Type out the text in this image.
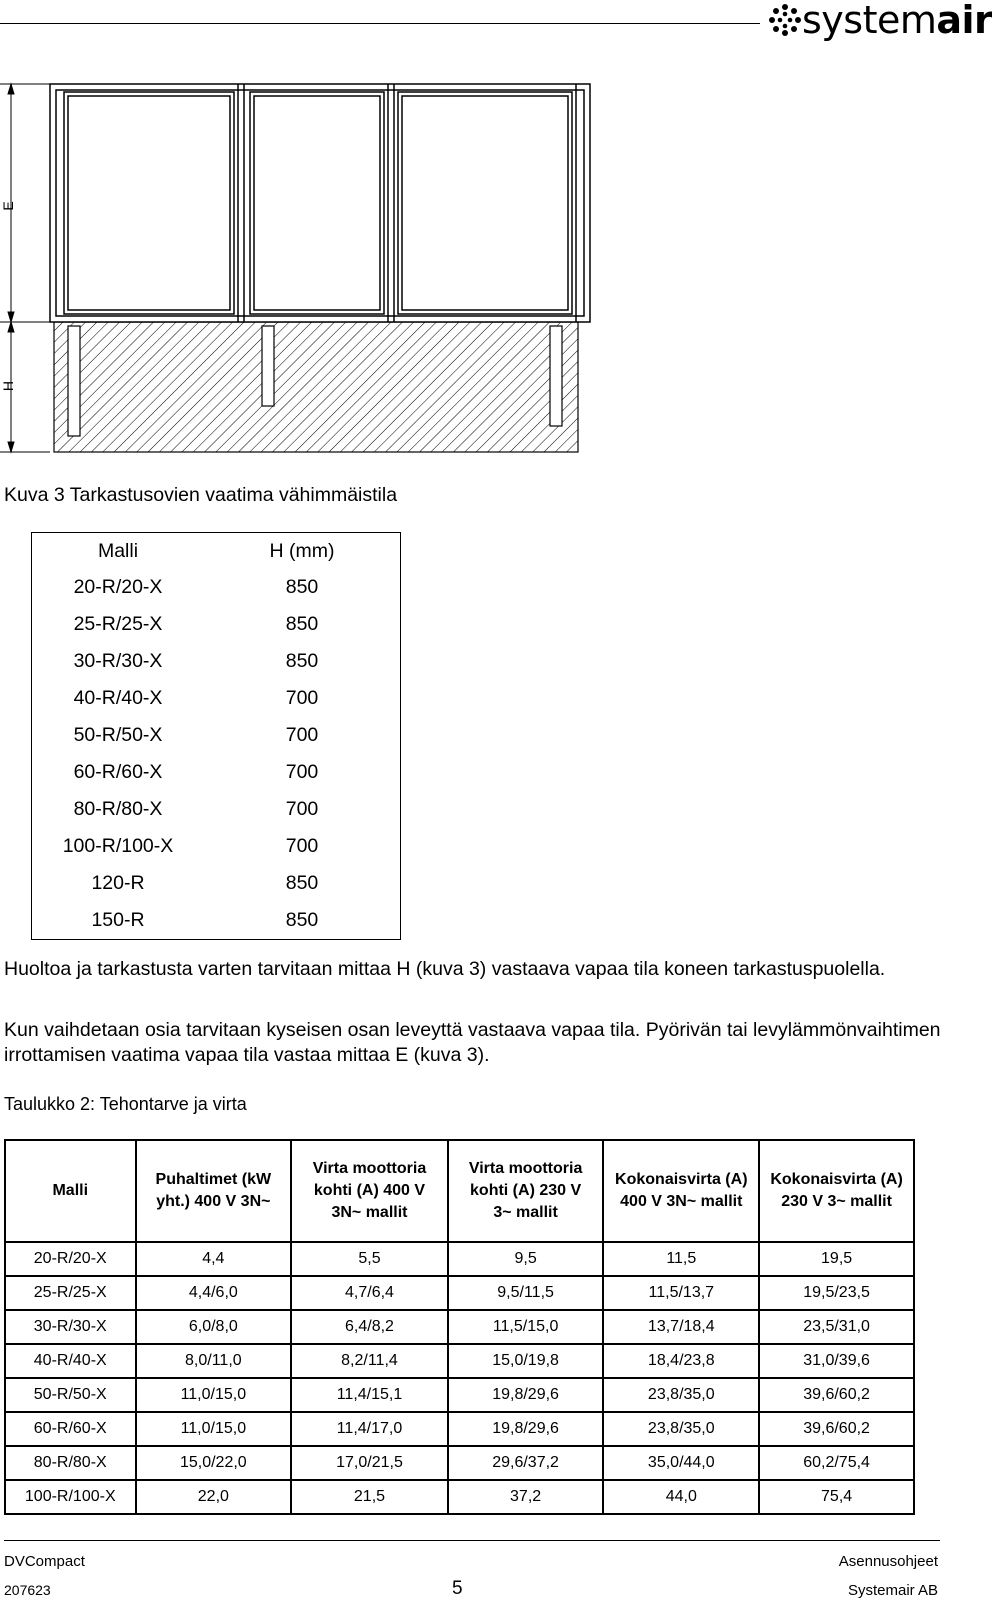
systemair
E
H
Kuva 3 Tarkastusovien vaatima vähimmäistila
Malli	H (mm)
20-R/20-X	850
25-R/25-X	850
30-R/30-X	850
40-R/40-X	700
50-R/50-X	700
60-R/60-X	700
80-R/80-X	700
100-R/100-X	700
120-R	850
150-R	850
Huoltoa ja tarkastusta varten tarvitaan mittaa H (kuva 3) vastaava vapaa tila koneen tarkastuspuolella.
Kun vaihdetaan osia tarvitaan kyseisen osan leveyttä vastaava vapaa tila. Pyörivän tai levylämmönvaihtimen irrottamisen vaatima vapaa tila vastaa mittaa E (kuva 3).
Taulukko 2: Tehontarve ja virta
Malli	Puhaltimet (kW yht.) 400 V 3N~	Virta moottoria kohti (A) 400 V 3N~ mallit	Virta moottoria kohti (A) 230 V 3~ mallit	Kokonaisvirta (A) 400 V 3N~ mallit	Kokonaisvirta (A) 230 V 3~ mallit
20-R/20-X	4,4	5,5	9,5	11,5	19,5
25-R/25-X	4,4/6,0	4,7/6,4	9,5/11,5	11,5/13,7	19,5/23,5
30-R/30-X	6,0/8,0	6,4/8,2	11,5/15,0	13,7/18,4	23,5/31,0
40-R/40-X	8,0/11,0	8,2/11,4	15,0/19,8	18,4/23,8	31,0/39,6
50-R/50-X	11,0/15,0	11,4/15,1	19,8/29,6	23,8/35,0	39,6/60,2
60-R/60-X	11,0/15,0	11,4/17,0	19,8/29,6	23,8/35,0	39,6/60,2
80-R/80-X	15,0/22,0	17,0/21,5	29,6/37,2	35,0/44,0	60,2/75,4
100-R/100-X	22,0	21,5	37,2	44,0	75,4
DVCompact	Asennusohjeet
207623	5	Systemair AB
